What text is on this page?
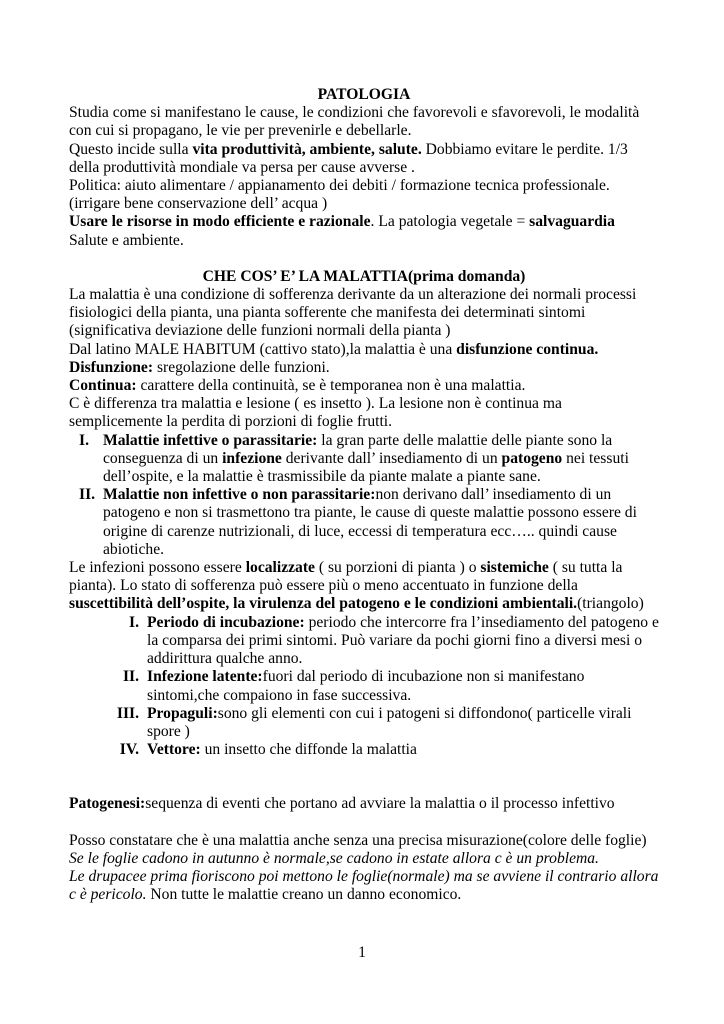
PATOLOGIA

Studia come si manifestano le cause, le condizioni che favorevoli e sfavorevoli, le modalità con cui si propagano, le vie per prevenirle e debellarle.

Questo incide sulla vita produttività, ambiente, salute. Dobbiamo evitare le perdite. 1/3 della produttività mondiale va persa per cause avverse .

Politica: aiuto alimentare / appianamento dei debiti / formazione tecnica professionale. (irrigare bene conservazione dell’ acqua )

Usare le risorse in modo efficiente e razionale. La patologia vegetale = salvaguardia

Salute e ambiente.

CHE COS’ E’ LA MALATTIA(prima domanda)

La malattia è una condizione di sofferenza derivante da un alterazione dei normali processi fisiologici della pianta, una pianta sofferente che manifesta dei determinati sintomi (significativa deviazione delle funzioni normali della pianta )

Dal latino MALE HABITUM (cattivo stato),la malattia è una disfunzione continua.

Disfunzione: sregolazione delle funzioni.

Continua: carattere della continuità, se è temporanea non è una malattia.

C è differenza tra malattia e lesione ( es insetto ). La lesione non è continua ma semplicemente la perdita di porzioni di foglie frutti.

I. Malattie infettive o parassitarie: la gran parte delle malattie delle piante sono la conseguenza di un infezione derivante dall’ insediamento di un patogeno nei tessuti dell’ospite, e la malattie è trasmissibile da piante malate a piante sane.
II. Malattie non infettive o non parassitarie:non derivano dall’ insediamento di un patogeno e non si trasmettono tra piante, le cause di queste malattie possono essere di origine di carenze nutrizionali, di luce, eccessi di temperatura ecc….. quindi cause abiotiche.

Le infezioni possono essere localizzate ( su porzioni di pianta ) o sistemiche ( su tutta la pianta). Lo stato di sofferenza può essere più o meno accentuato in funzione della suscettibilità dell’ospite, la virulenza del patogeno e le condizioni ambientali.(triangolo)

I. Periodo di incubazione: periodo che intercorre fra l’insediamento del patogeno e la comparsa dei primi sintomi. Può variare da pochi giorni fino a diversi mesi o addirittura qualche anno.
II. Infezione latente:fuori dal periodo di incubazione non si manifestano sintomi,che compaiono in fase successiva.
III. Propaguli:sono gli elementi con cui i patogeni si diffondono( particelle virali spore )
IV. Vettore: un insetto che diffonde la malattia

Patogenesi:sequenza di eventi che portano ad avviare la malattia o il processo infettivo

Posso constatare che è una malattia anche senza una precisa misurazione(colore delle foglie)

Se le foglie cadono in autunno è normale,se cadono in estate allora c è un problema.

Le drupacee prima fioriscono poi mettono le foglie(normale) ma se avviene il contrario allora c è pericolo. Non tutte le malattie creano un danno economico.

1
